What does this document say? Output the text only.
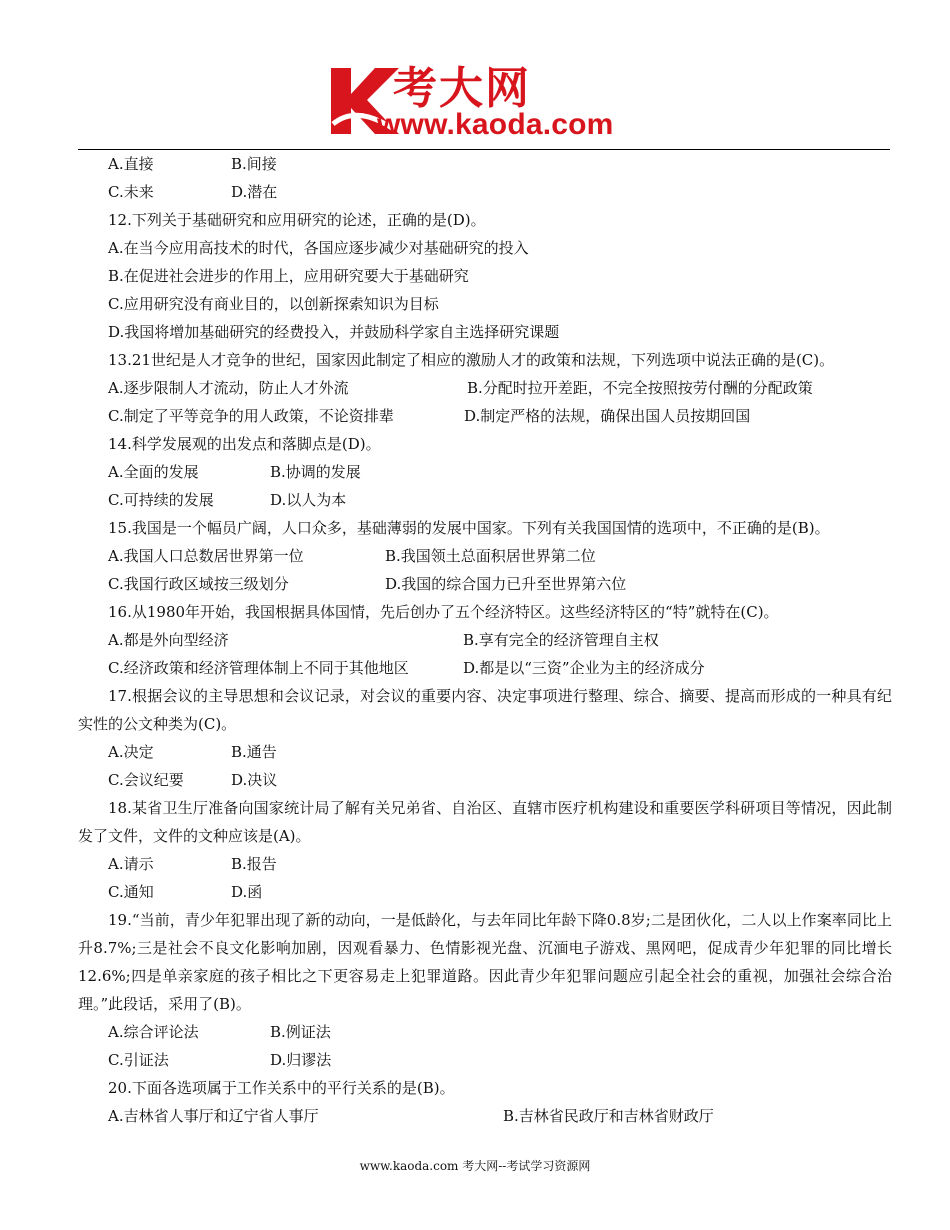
考大网
www.kaoda.com
A.直接	B.间接
C.未来	D.潜在
12.下列关于基础研究和应用研究的论述，正确的是(D)。
A.在当今应用高技术的时代，各国应逐步减少对基础研究的投入
B.在促进社会进步的作用上，应用研究要大于基础研究
C.应用研究没有商业目的，以创新探索知识为目标
D.我国将增加基础研究的经费投入，并鼓励科学家自主选择研究课题
13.21世纪是人才竞争的世纪，国家因此制定了相应的激励人才的政策和法规，下列选项中说法正确的是(C)。
A.逐步限制人才流动，防止人才外流	B.分配时拉开差距，不完全按照按劳付酬的分配政策
C.制定了平等竞争的用人政策，不论资排辈	D.制定严格的法规，确保出国人员按期回国
14.科学发展观的出发点和落脚点是(D)。
A.全面的发展	B.协调的发展
C.可持续的发展	D.以人为本
15.我国是一个幅员广阔，人口众多，基础薄弱的发展中国家。下列有关我国国情的选项中，不正确的是(B)。
A.我国人口总数居世界第一位	B.我国领土总面积居世界第二位
C.我国行政区域按三级划分	D.我国的综合国力已升至世界第六位
16.从1980年开始，我国根据具体国情，先后创办了五个经济特区。这些经济特区的“特”就特在(C)。
A.都是外向型经济	B.享有完全的经济管理自主权
C.经济政策和经济管理体制上不同于其他地区	D.都是以“三资”企业为主的经济成分
17.根据会议的主导思想和会议记录，对会议的重要内容、决定事项进行整理、综合、摘要、提高而形成的一种具有纪实性的公文种类为(C)。
A.决定	B.通告
C.会议纪要	D.决议
18.某省卫生厅准备向国家统计局了解有关兄弟省、自治区、直辖市医疗机构建设和重要医学科研项目等情况，因此制发了文件，文件的文种应该是(A)。
A.请示	B.报告
C.通知	D.函
19.“当前，青少年犯罪出现了新的动向，一是低龄化，与去年同比年龄下降0.8岁;二是团伙化，二人以上作案率同比上升8.7%;三是社会不良文化影响加剧，因观看暴力、色情影视光盘、沉湎电子游戏、黑网吧，促成青少年犯罪的同比增长12.6%;四是单亲家庭的孩子相比之下更容易走上犯罪道路。因此青少年犯罪问题应引起全社会的重视，加强社会综合治理。”此段话，采用了(B)。
A.综合评论法	B.例证法
C.引证法	D.归谬法
20.下面各选项属于工作关系中的平行关系的是(B)。
A.吉林省人事厅和辽宁省人事厅	B.吉林省民政厅和吉林省财政厅
www.kaoda.com 考大网--考试学习资源网
